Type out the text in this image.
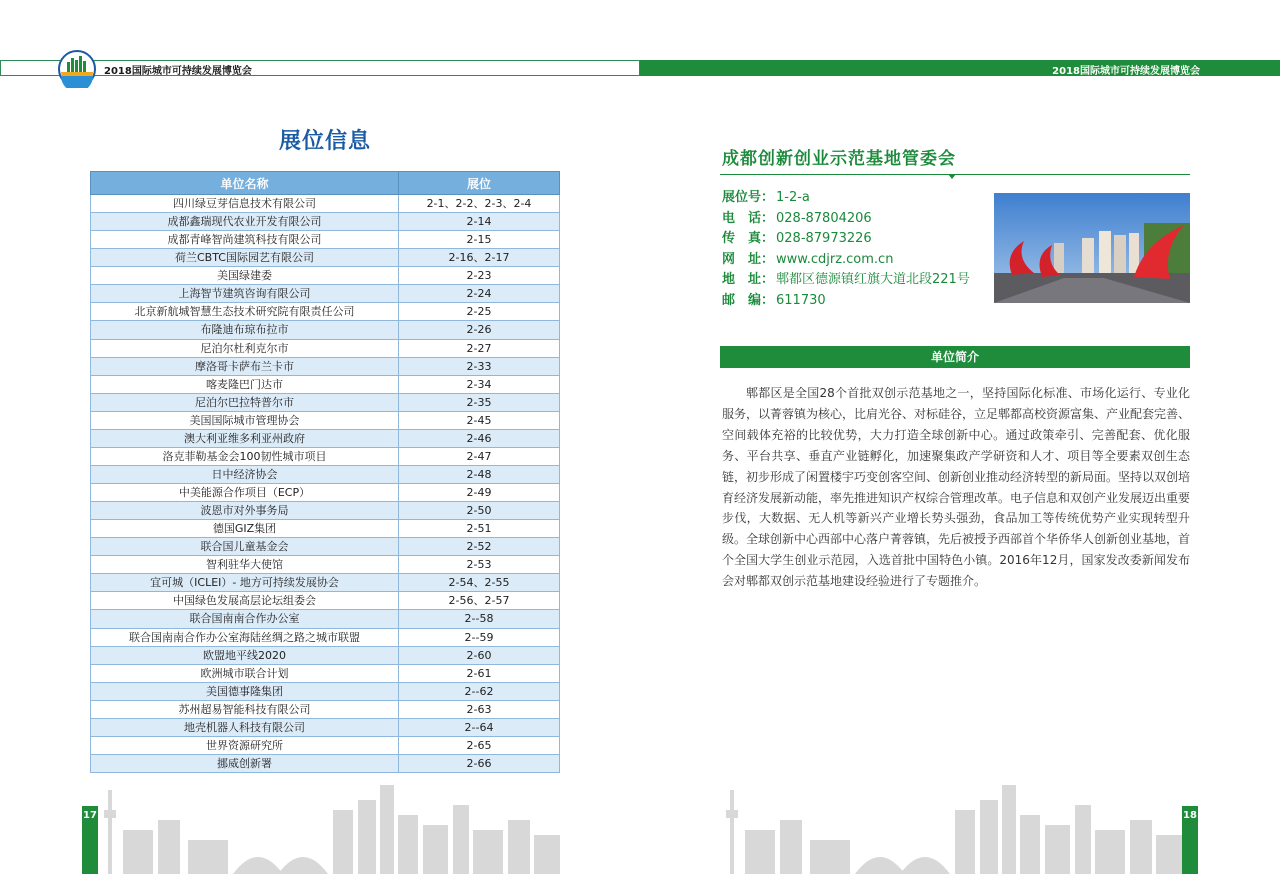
2018国际城市可持续发展博览会	2018国际城市可持续发展博览会
展位信息
单位名称	展位
四川绿豆芽信息技术有限公司	2-1、2-2、2-3、2-4
成都鑫瑞现代农业开发有限公司	2-14
成都青峰智尚建筑科技有限公司	2-15
荷兰CBTC国际园艺有限公司	2-16、2-17
美国绿建委	2-23
上海智节建筑咨询有限公司	2-24
北京新航城智慧生态技术研究院有限责任公司	2-25
布隆迪布琼布拉市	2-26
尼泊尔杜利克尔市	2-27
摩洛哥卡萨布兰卡市	2-33
喀麦隆巴门达市	2-34
尼泊尔巴拉特普尔市	2-35
美国国际城市管理协会	2-45
澳大利亚维多利亚州政府	2-46
洛克菲勒基金会100韧性城市项目	2-47
日中经济协会	2-48
中美能源合作项目（ECP）	2-49
波恩市对外事务局	2-50
德国GIZ集团	2-51
联合国儿童基金会	2-52
智利驻华大使馆	2-53
宜可城（ICLEI）- 地方可持续发展协会	2-54、2-55
中国绿色发展高层论坛组委会	2-56、2-57
联合国南南合作办公室	2--58
联合国南南合作办公室海陆丝绸之路之城市联盟	2--59
欧盟地平线2020	2-60
欧洲城市联合计划	2-61
美国德事隆集团	2--62
苏州超易智能科技有限公司	2-63
地壳机器人科技有限公司	2--64
世界资源研究所	2-65
挪威创新署	2-66
成都创新创业示范基地管委会
展位号： 1-2-a
电　话： 028-87804206
传　真： 028-87973226
网　址： www.cdjrz.com.cn
地　址： 郫都区德源镇红旗大道北段221号
邮　编： 611730
单位简介

郫都区是全国28个首批双创示范基地之一，坚持国际化标准、市场化运行、专业化服务，以菁蓉镇为核心，比肩光谷、对标硅谷，立足郫都高校资源富集、产业配套完善、空间载体充裕的比较优势，大力打造全球创新中心。通过政策牵引、完善配套、优化服务、平台共享、垂直产业链孵化，加速聚集政产学研资和人才、项目等全要素双创生态链，初步形成了闲置楼宇巧变创客空间、创新创业推动经济转型的新局面。坚持以双创培育经济发展新动能，率先推进知识产权综合管理改革。电子信息和双创产业发展迈出重要步伐，大数据、无人机等新兴产业增长势头强劲，食品加工等传统优势产业实现转型升级。全球创新中心西部中心落户菁蓉镇，先后被授予西部首个华侨华人创新创业基地，首个全国大学生创业示范园，入选首批中国特色小镇。2016年12月，国家发改委新闻发布会对郫都双创示范基地建设经验进行了专题推介。

17	18
